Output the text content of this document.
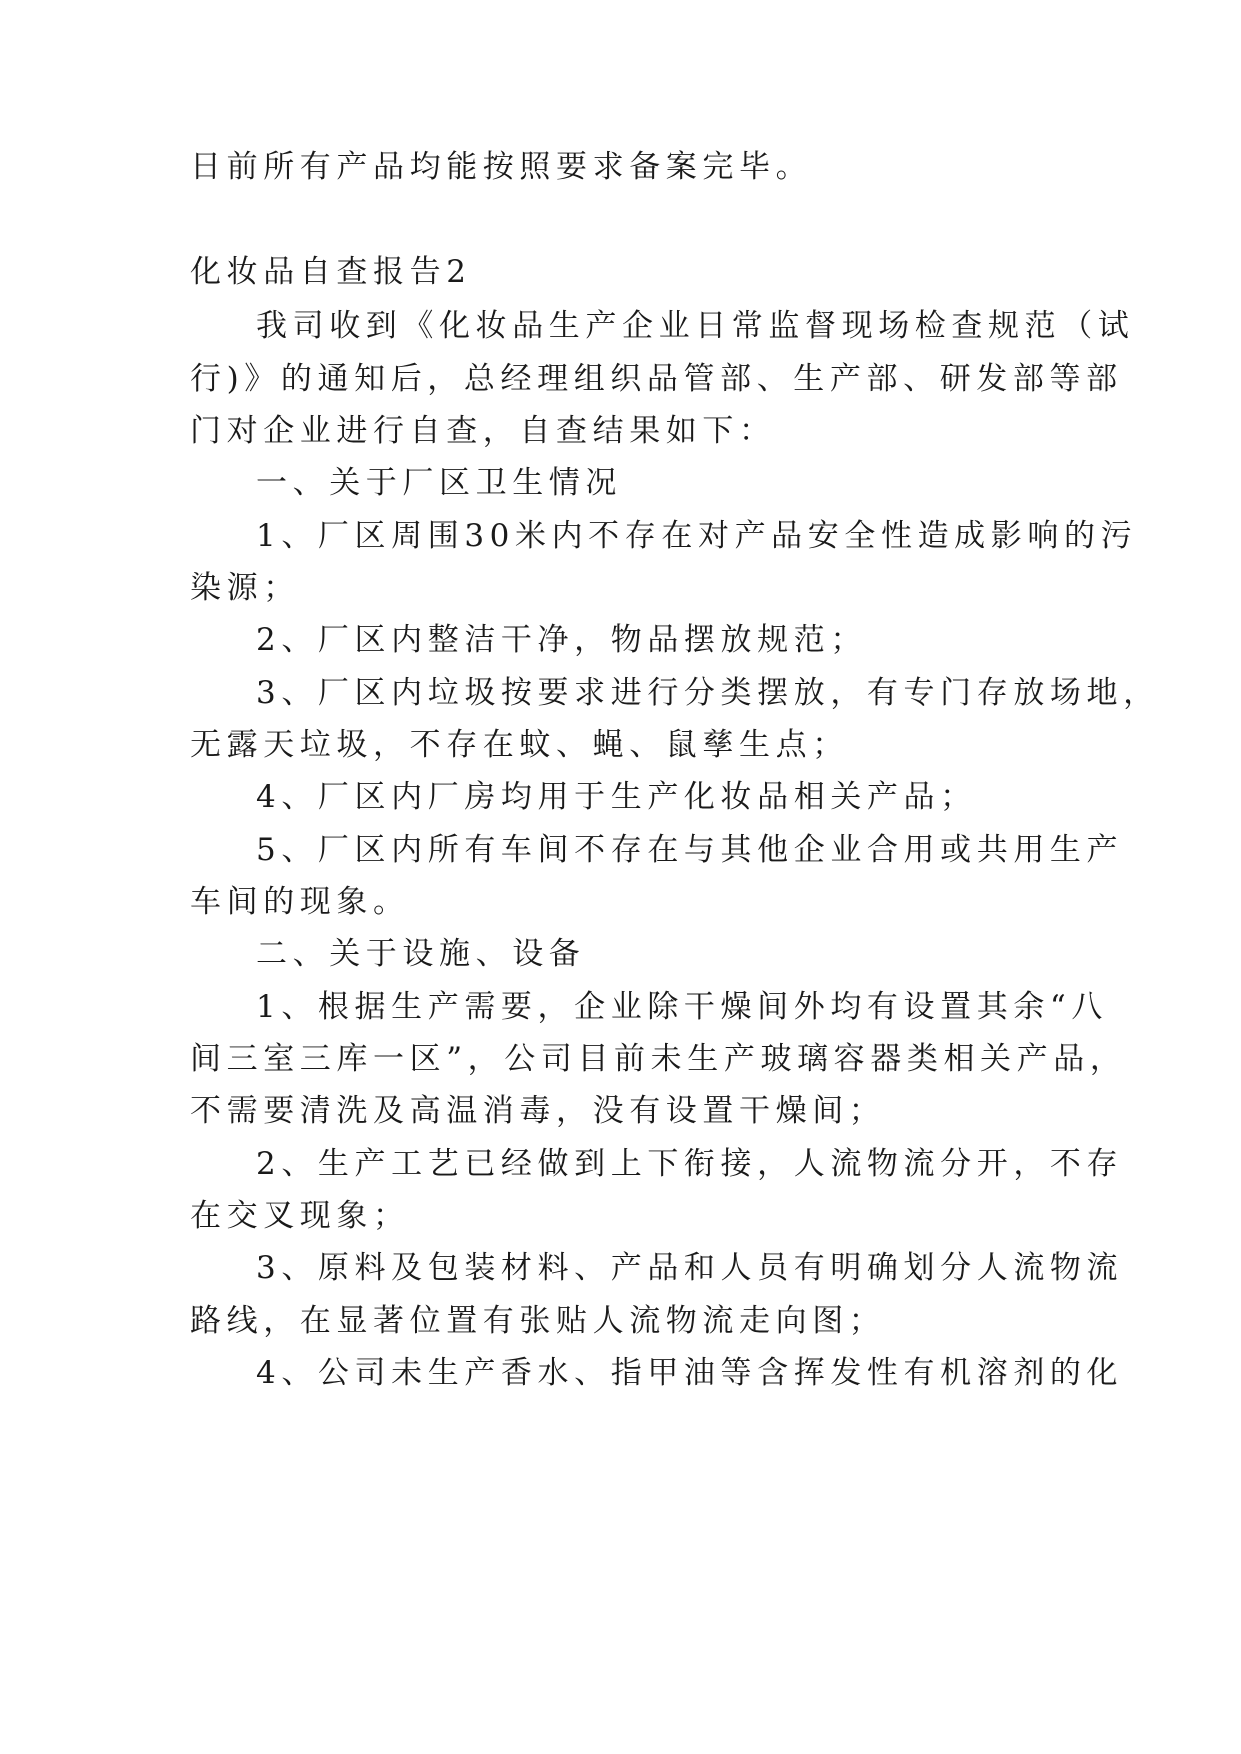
日前所有产品均能按照要求备案完毕。
化妆品自查报告2
我司收到《化妆品生产企业日常监督现场检查规范（试
行)》的通知后，总经理组织品管部、生产部、研发部等部
门对企业进行自查，自查结果如下：
一、关于厂区卫生情况
1、厂区周围30米内不存在对产品安全性造成影响的污
染源；
2、厂区内整洁干净，物品摆放规范；
3、厂区内垃圾按要求进行分类摆放，有专门存放场地，
无露天垃圾，不存在蚊、蝇、鼠孳生点；
4、厂区内厂房均用于生产化妆品相关产品；
5、厂区内所有车间不存在与其他企业合用或共用生产
车间的现象。
二、关于设施、设备
1、根据生产需要，企业除干燥间外均有设置其余“八
间三室三库一区”，公司目前未生产玻璃容器类相关产品，
不需要清洗及高温消毒，没有设置干燥间；
2、生产工艺已经做到上下衔接，人流物流分开，不存
在交叉现象；
3、原料及包装材料、产品和人员有明确划分人流物流
路线，在显著位置有张贴人流物流走向图；
4、公司未生产香水、指甲油等含挥发性有机溶剂的化
